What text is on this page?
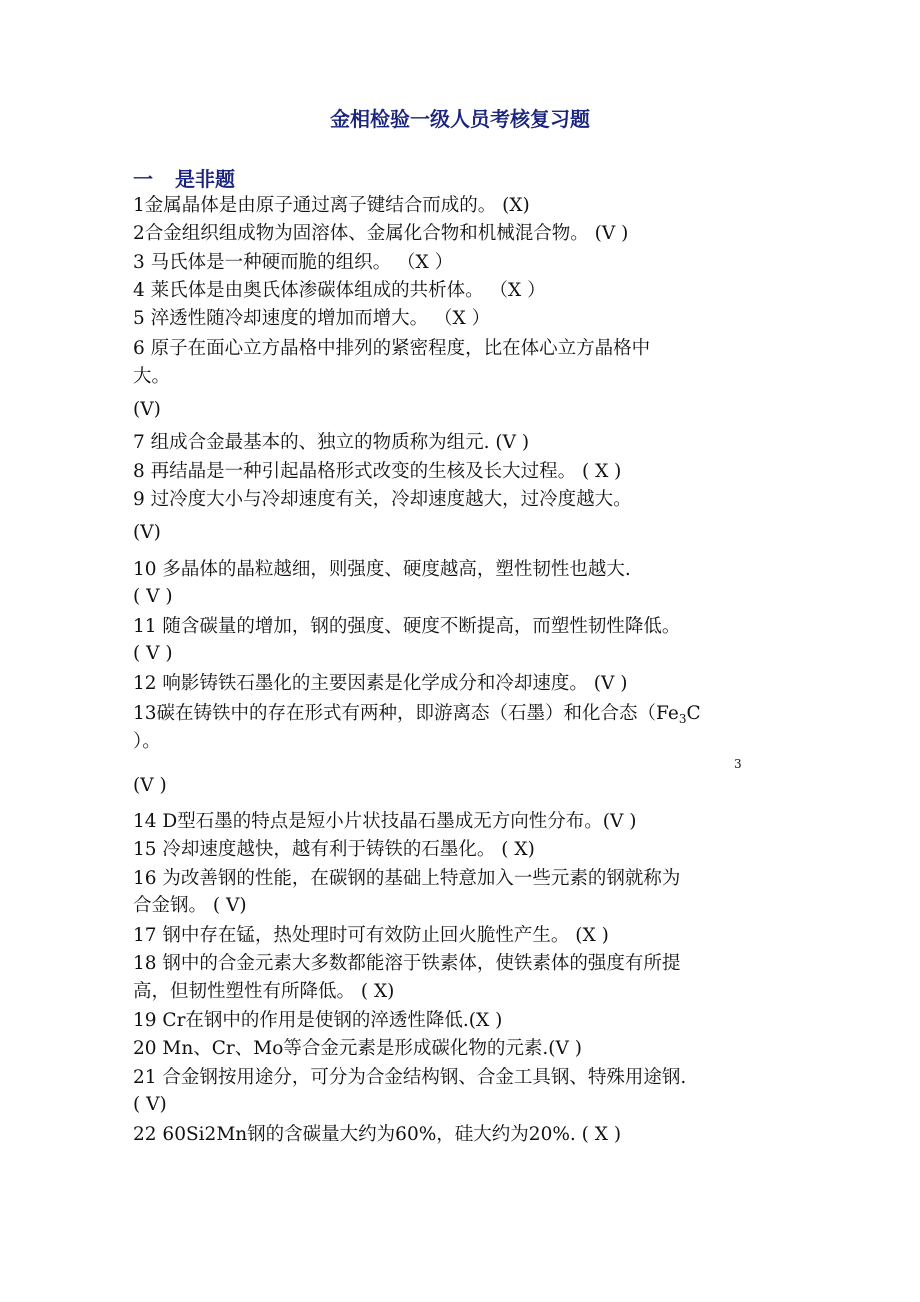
金相检验一级人员考核复习题
一 是非题
1金属晶体是由原子通过离子键结合而成的。 (X)
2合金组织组成物为固溶体、金属化合物和机械混合物。 (V )
3 马氏体是一种硬而脆的组织。 （X ）
4 莱氏体是由奥氏体渗碳体组成的共析体。 （X ）
5 淬透性随冷却速度的增加而增大。 （X ）
6 原子在面心立方晶格中排列的紧密程度，比在体心立方晶格中
大。
(V)
7 组成合金最基本的、独立的物质称为组元. (V )
8 再结晶是一种引起晶格形式改变的生核及长大过程。 ( X )
9 过冷度大小与冷却速度有关，冷却速度越大，过冷度越大。
(V)
10 多晶体的晶粒越细，则强度、硬度越高，塑性韧性也越大.
( V )
11 随含碳量的增加，钢的强度、硬度不断提高，而塑性韧性降低。
( V )
12 响影铸铁石墨化的主要因素是化学成分和冷却速度。 (V )
13碳在铸铁中的存在形式有两种，即游离态（石墨）和化合态（$Fe_3C$
）。
3
(V )
14 D型石墨的特点是短小片状技晶石墨成无方向性分布。(V )
15 冷却速度越快，越有利于铸铁的石墨化。 ( X)
16 为改善钢的性能，在碳钢的基础上特意加入一些元素的钢就称为
合金钢。 ( V)
17 钢中存在锰，热处理时可有效防止回火脆性产生。 (X )
18 钢中的合金元素大多数都能溶于铁素体，使铁素体的强度有所提
高，但韧性塑性有所降低。 ( X)
19 Cr在钢中的作用是使钢的淬透性降低.(X )
20 Mn、Cr、Mo等合金元素是形成碳化物的元素.(V )
21 合金钢按用途分，可分为合金结构钢、合金工具钢、特殊用途钢.
( V)
22 60Si2Mn钢的含碳量大约为60%，硅大约为20%. ( X )
